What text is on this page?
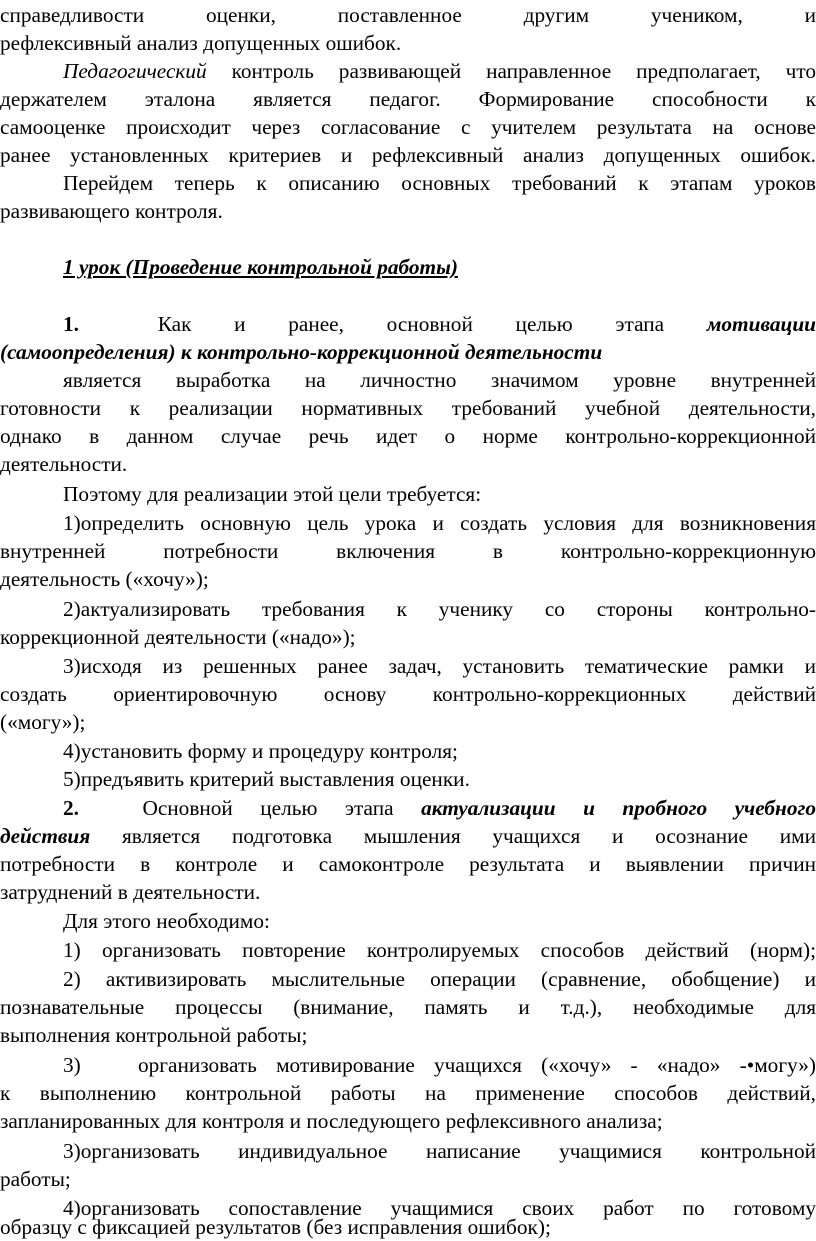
справедливости оценки, поставленное другим учеником, и
рефлексивный анализ допущенных ошибок.
Педагогический контроль развивающей направленное предполагает, что
держателем эталона является педагог. Формирование способности к
самооценке происходит через согласование с учителем результата на основе
ранее установленных критериев и рефлексивный анализ допущенных ошибок.
Перейдем теперь к описанию основных требований к этапам уроков
развивающего контроля.
1 урок (Проведение контрольной работы)
1.	Как и ранее, основной целью этапа мотивации
(самоопределения) к контрольно-коррекционной деятельности
является выработка на личностно значимом уровне внутренней
готовности к реализации нормативных требований учебной деятельности,
однако в данном случае речь идет о норме контрольно-коррекционной
деятельности.
Поэтому для реализации этой цели требуется:
1)определить основную цель урока и создать условия для возникновения
внутренней потребности включения в контрольно-коррекционную
деятельность («хочу»);
2)актуализировать требования к ученику со стороны контрольно-
коррекционной деятельности («надо»);
3)исходя из решенных ранее задач, установить тематические рамки и
создать ориентировочную основу контрольно-коррекционных действий
(«могу»);
4)установить форму и процедуру контроля;
5)предъявить критерий выставления оценки.
2.	Основной целью этапа актуализации и пробного учебного
действия является подготовка мышления учащихся и осознание ими
потребности в контроле и самоконтроле результата и выявлении причин
затруднений в деятельности.
Для этого необходимо:
1) организовать повторение контролируемых способов действий (норм);
2) активизировать мыслительные операции (сравнение, обобщение) и
познавательные процессы (внимание, память и т.д.), необходимые для
выполнения контрольной работы;
3)	организовать мотивирование учащихся («хочу» - «надо» -•могу»)
к выполнению контрольной работы на применение способов действий,
запланированных для контроля и последующего рефлексивного анализа;
3)организовать индивидуальное написание учащимися контрольной
работы;
4)организовать сопоставление учащимися своих работ по готовому
образцу с фиксацией результатов (без исправления ошибок);
